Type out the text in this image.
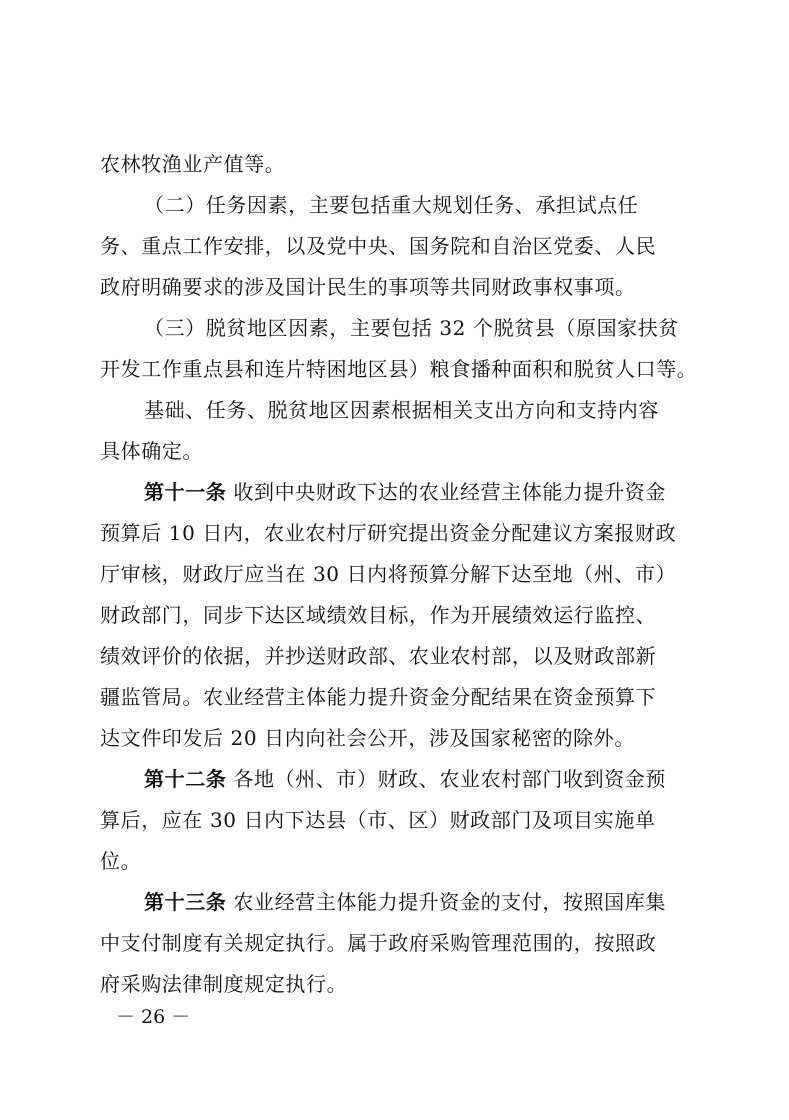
农林牧渔业产值等。
（二）任务因素，主要包括重大规划任务、承担试点任
务、重点工作安排，以及党中央、国务院和自治区党委、人民
政府明确要求的涉及国计民生的事项等共同财政事权事项。
（三）脱贫地区因素，主要包括 32 个脱贫县（原国家扶贫
开发工作重点县和连片特困地区县）粮食播种面积和脱贫人口等。
基础、任务、脱贫地区因素根据相关支出方向和支持内容
具体确定。
第十一条 收到中央财政下达的农业经营主体能力提升资金
预算后 10 日内，农业农村厅研究提出资金分配建议方案报财政
厅审核，财政厅应当在 30 日内将预算分解下达至地（州、市）
财政部门，同步下达区域绩效目标，作为开展绩效运行监控、
绩效评价的依据，并抄送财政部、农业农村部，以及财政部新
疆监管局。农业经营主体能力提升资金分配结果在资金预算下
达文件印发后 20 日内向社会公开，涉及国家秘密的除外。
第十二条 各地（州、市）财政、农业农村部门收到资金预
算后，应在 30 日内下达县（市、区）财政部门及项目实施单
位。
第十三条 农业经营主体能力提升资金的支付，按照国库集
中支付制度有关规定执行。属于政府采购管理范围的，按照政
府采购法律制度规定执行。
－ 26 －
